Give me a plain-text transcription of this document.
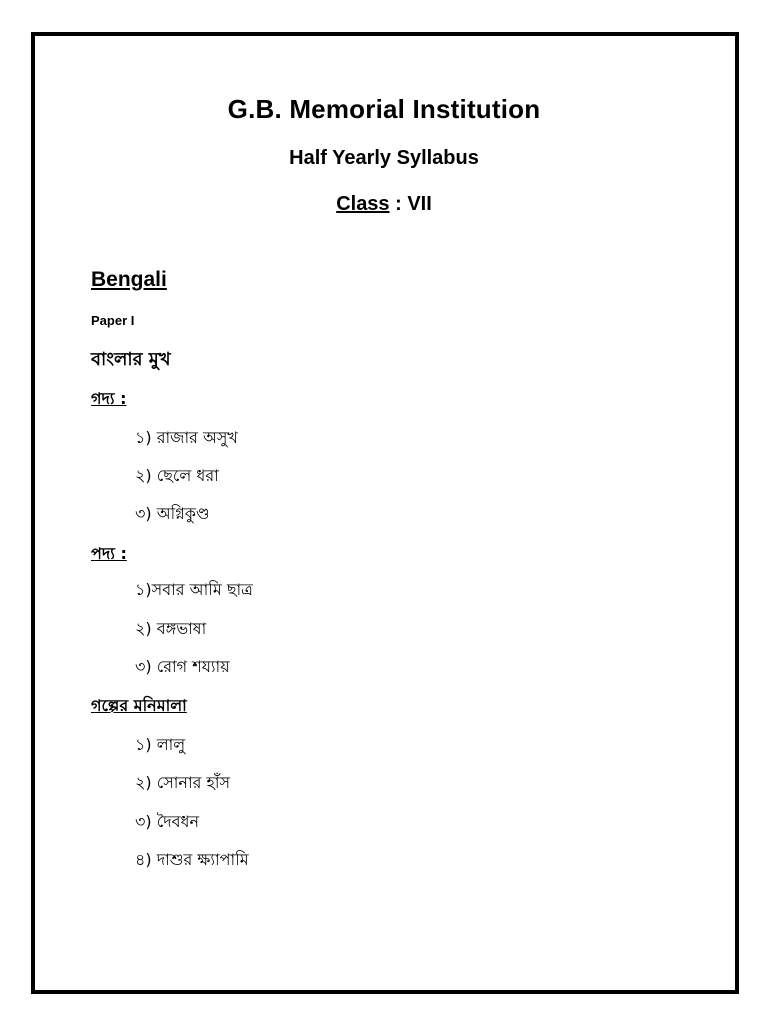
G.B. Memorial Institution
Half Yearly Syllabus
Class : VII
Bengali
Paper I
বাংলার মুখ
গদ্য :
১) রাজার অসুখ
২) ছেলে ধরা
৩) অগ্নিকুণ্ড
পদ্য :
১)সবার আমি ছাত্র
২) বঙ্গভাষা
৩) রোগ শয্যায়
গল্পের মনিমালা
১) লালু
২) সোনার হাঁস
৩) দৈবধন
৪) দাশুর ক্ষ্যাপামি
